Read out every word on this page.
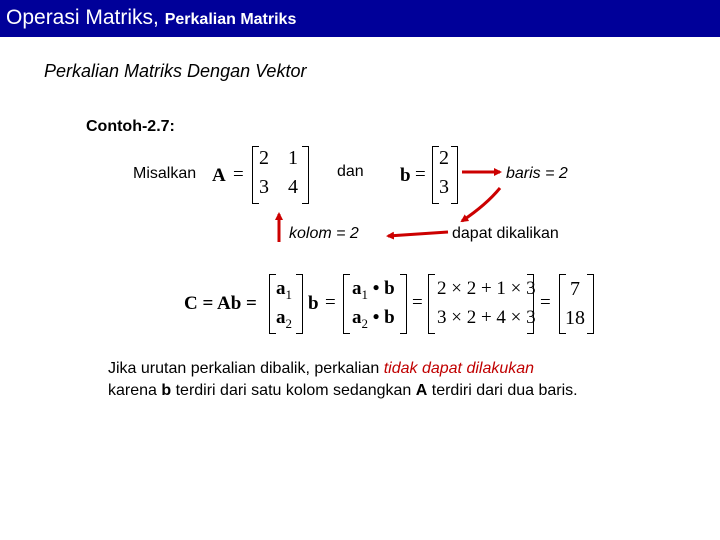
Operasi Matriks, Perkalian Matriks
Perkalian Matriks Dengan Vektor
Contoh-2.7:
Misalkan A =
2 1
3 4
dan b =
2
3
baris = 2
kolom = 2	dapat dikalikan
C = Ab =
$a_1$
$a_2$
b =
$a_1$ • b
$a_2$ • b
=
2 × 2 + 1 × 3
3 × 2 + 4 × 3
=
7
18
Jika urutan perkalian dibalik, perkalian tidak dapat dilakukan
karena b terdiri dari satu kolom sedangkan A terdiri dari dua baris.
